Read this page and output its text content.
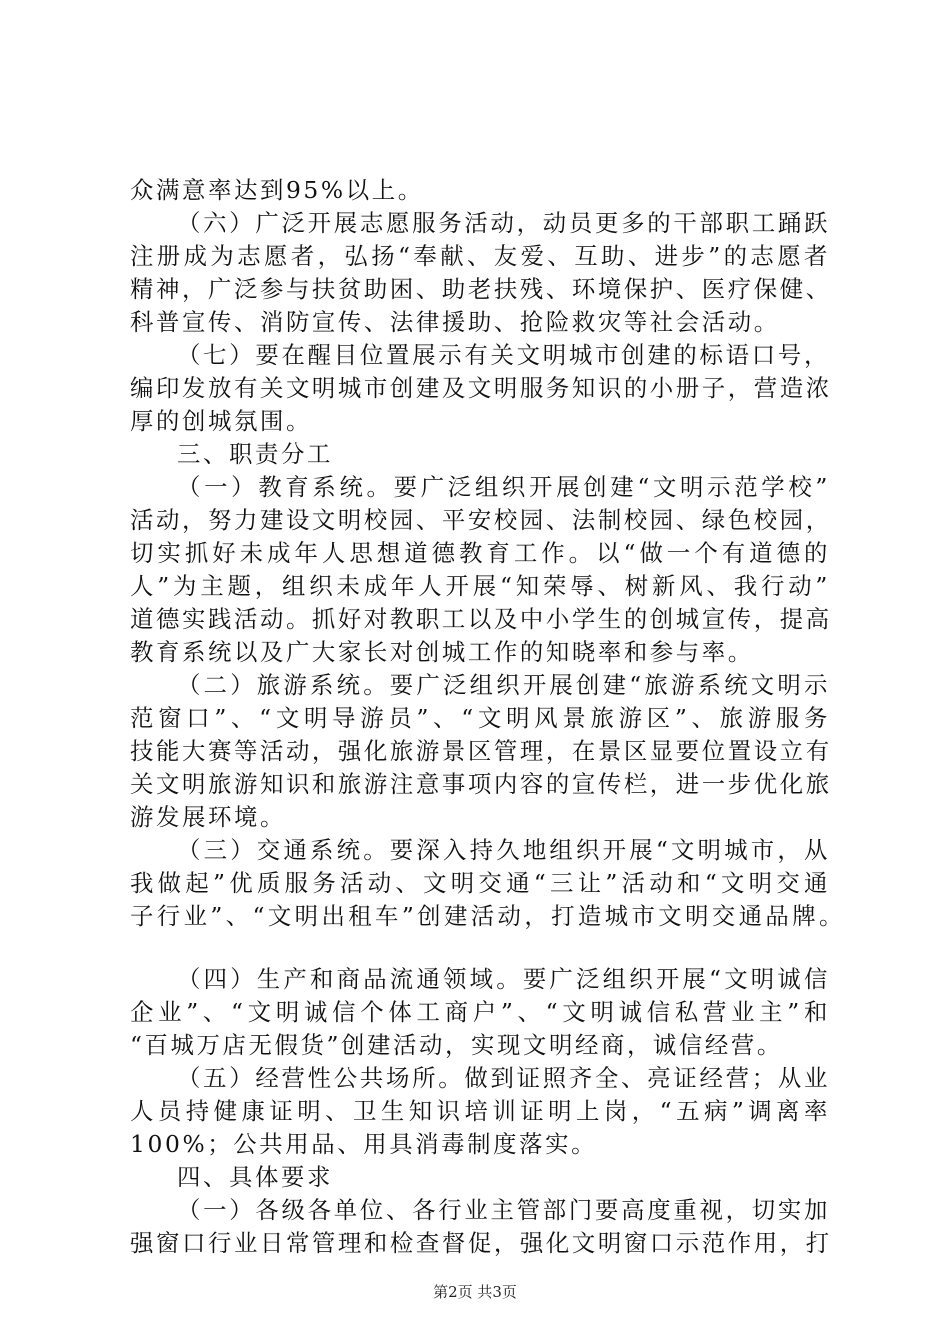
众满意率达到95%以上。
（六）广泛开展志愿服务活动，动员更多的干部职工踊跃
注册成为志愿者，弘扬“奉献、友爱、互助、进步”的志愿者
精神，广泛参与扶贫助困、助老扶残、环境保护、医疗保健、
科普宣传、消防宣传、法律援助、抢险救灾等社会活动。
（七）要在醒目位置展示有关文明城市创建的标语口号，
编印发放有关文明城市创建及文明服务知识的小册子，营造浓
厚的创城氛围。
三、职责分工
（一）教育系统。要广泛组织开展创建“文明示范学校”
活动，努力建设文明校园、平安校园、法制校园、绿色校园，
切实抓好未成年人思想道德教育工作。以“做一个有道德的
人”为主题，组织未成年人开展“知荣辱、树新风、我行动”
道德实践活动。抓好对教职工以及中小学生的创城宣传，提高
教育系统以及广大家长对创城工作的知晓率和参与率。
（二）旅游系统。要广泛组织开展创建“旅游系统文明示
范窗口”、“文明导游员”、“文明风景旅游区”、旅游服务
技能大赛等活动，强化旅游景区管理，在景区显要位置设立有
关文明旅游知识和旅游注意事项内容的宣传栏，进一步优化旅
游发展环境。
（三）交通系统。要深入持久地组织开展“文明城市，从
我做起”优质服务活动、文明交通“三让”活动和“文明交通
子行业”、“文明出租车”创建活动，打造城市文明交通品牌。
（四）生产和商品流通领域。要广泛组织开展“文明诚信
企业”、“文明诚信个体工商户”、“文明诚信私营业主”和
“百城万店无假货”创建活动，实现文明经商，诚信经营。
（五）经营性公共场所。做到证照齐全、亮证经营；从业
人员持健康证明、卫生知识培训证明上岗，“五病”调离率
100%；公共用品、用具消毒制度落实。
四、具体要求
（一）各级各单位、各行业主管部门要高度重视，切实加
强窗口行业日常管理和检查督促，强化文明窗口示范作用，打
第2页 共3页
